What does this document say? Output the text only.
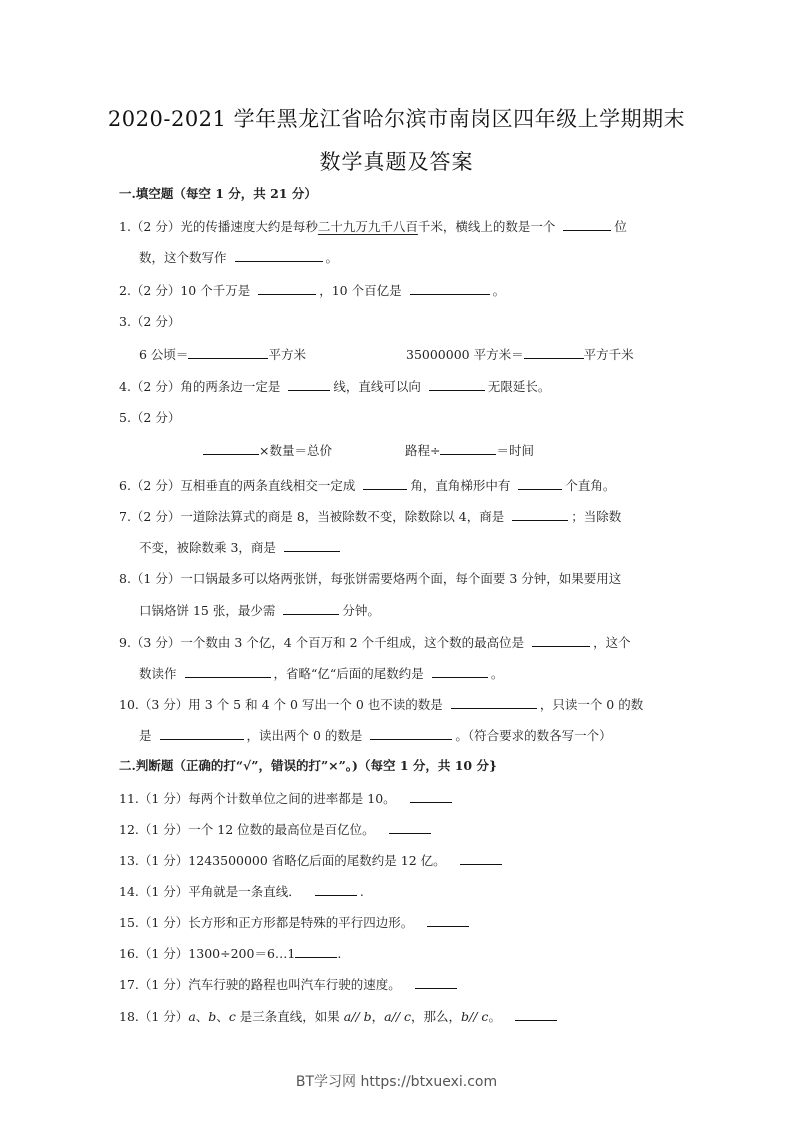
2020-2021 学年黑龙江省哈尔滨市南岗区四年级上学期期末
数学真题及答案
一.填空题（每空 1 分，共 21 分）
1.（2 分）光的传播速度大约是每秒二十九万九千八百千米，横线上的数是一个	位
数，这个数写作	。
2.（2 分）10 个千万是	，10 个百亿是	。
3.（2 分）
6 公顷＝	平方米	35000000 平方米＝	平方千米
4.（2 分）角的两条边一定是	线，直线可以向	无限延长。
5.（2 分）
×数量＝总价	路程÷	＝时间
6.（2 分）互相垂直的两条直线相交一定成	角，直角梯形中有	个直角。
7.（2 分）一道除法算式的商是 8，当被除数不变，除数除以 4，商是	；当除数
不变，被除数乘 3，商是
8.（1 分）一口锅最多可以烙两张饼，每张饼需要烙两个面，每个面要 3 分钟，如果要用这
口锅烙饼 15 张，最少需	分钟。
9.（3 分）一个数由 3 个亿，4 个百万和 2 个千组成，这个数的最高位是	，这个
数读作	，省略“亿“后面的尾数约是	。
10.（3 分）用 3 个 5 和 4 个 0 写出一个 0 也不读的数是	，只读一个 0 的数
是	，读出两个 0 的数是	。（符合要求的数各写一个）
二.判断题（正确的打“√”，错误的打”×”。)（每空 1 分，共 10 分}
11.（1 分）每两个计数单位之间的进率都是 10。
12.（1 分）一个 12 位数的最高位是百亿位。
13.（1 分）1243500000 省略亿后面的尾数约是 12 亿。
14.（1 分）平角就是一条直线．	.
15.（1 分）长方形和正方形都是特殊的平行四边形。
16.（1 分）1300÷200＝6…1	.
17.（1 分）汽车行驶的路程也叫汽车行驶的速度。
18.（1 分）a、b、c 是三条直线，如果 a// b，a// c，那么，b// c。
BT学习网 https://btxuexi.com
